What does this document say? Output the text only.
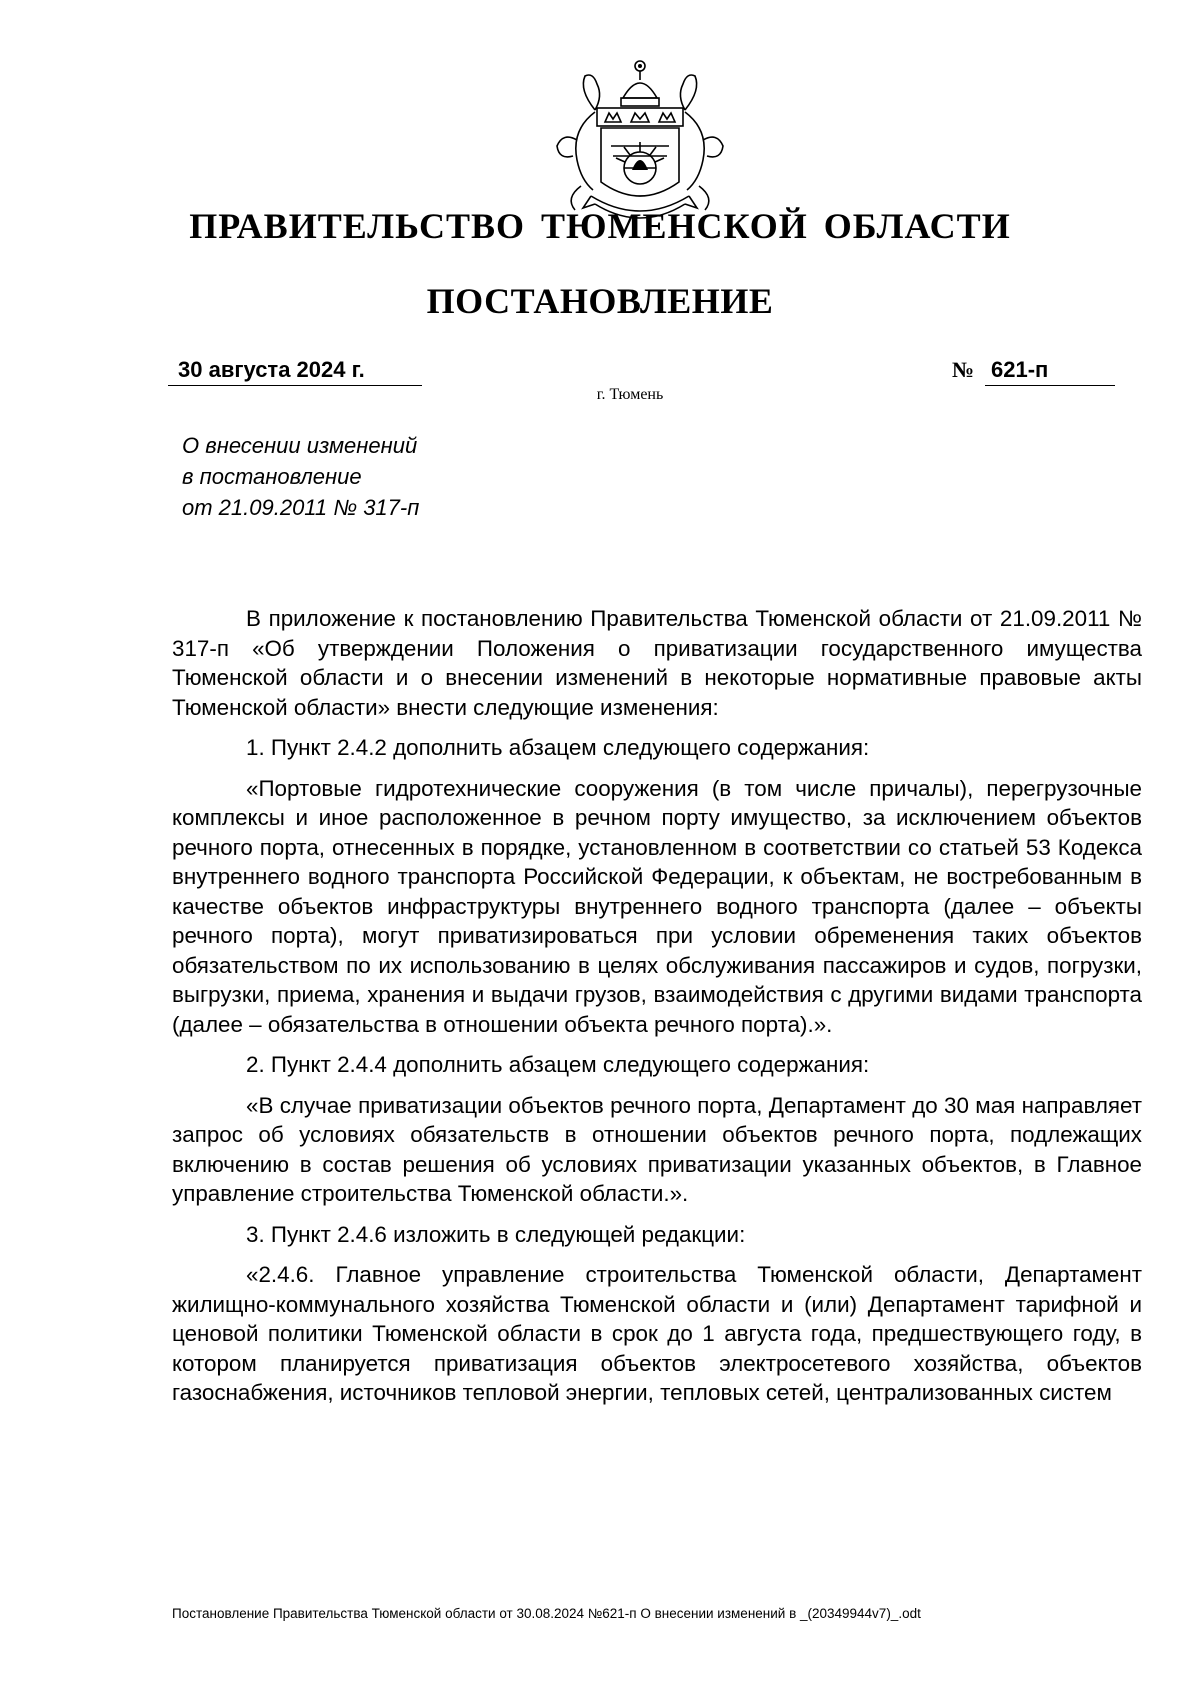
ПРАВИТЕЛЬСТВО ТЮМЕНСКОЙ ОБЛАСТИ
ПОСТАНОВЛЕНИЕ
30 августа 2024 г.	№ 621-п
г. Тюмень
О внесении изменений
в постановление
от 21.09.2011 № 317-п

В приложение к постановлению Правительства Тюменской области от 21.09.2011 № 317-п «Об утверждении Положения о приватизации государственного имущества Тюменской области и о внесении изменений в некоторые нормативные правовые акты Тюменской области» внести следующие изменения:

1. Пункт 2.4.2 дополнить абзацем следующего содержания:

«Портовые гидротехнические сооружения (в том числе причалы), перегрузочные комплексы и иное расположенное в речном порту имущество, за исключением объектов речного порта, отнесенных в порядке, установленном в соответствии со статьей 53 Кодекса внутреннего водного транспорта Российской Федерации, к объектам, не востребованным в качестве объектов инфраструктуры внутреннего водного транспорта (далее – объекты речного порта), могут приватизироваться при условии обременения таких объектов обязательством по их использованию в целях обслуживания пассажиров и судов, погрузки, выгрузки, приема, хранения и выдачи грузов, взаимодействия с другими видами транспорта (далее – обязательства в отношении объекта речного порта).».

2. Пункт 2.4.4 дополнить абзацем следующего содержания:

«В случае приватизации объектов речного порта, Департамент до 30 мая направляет запрос об условиях обязательств в отношении объектов речного порта, подлежащих включению в состав решения об условиях приватизации указанных объектов, в Главное управление строительства Тюменской области.».

3. Пункт 2.4.6 изложить в следующей редакции:

«2.4.6. Главное управление строительства Тюменской области, Департамент жилищно-коммунального хозяйства Тюменской области и (или) Департамент тарифной и ценовой политики Тюменской области в срок до 1 августа года, предшествующего году, в котором планируется приватизация объектов электросетевого хозяйства, объектов газоснабжения, источников тепловой энергии, тепловых сетей, централизованных систем

Постановление Правительства Тюменской области от 30.08.2024 №621-п О внесении изменений в _(20349944v7)_.odt
